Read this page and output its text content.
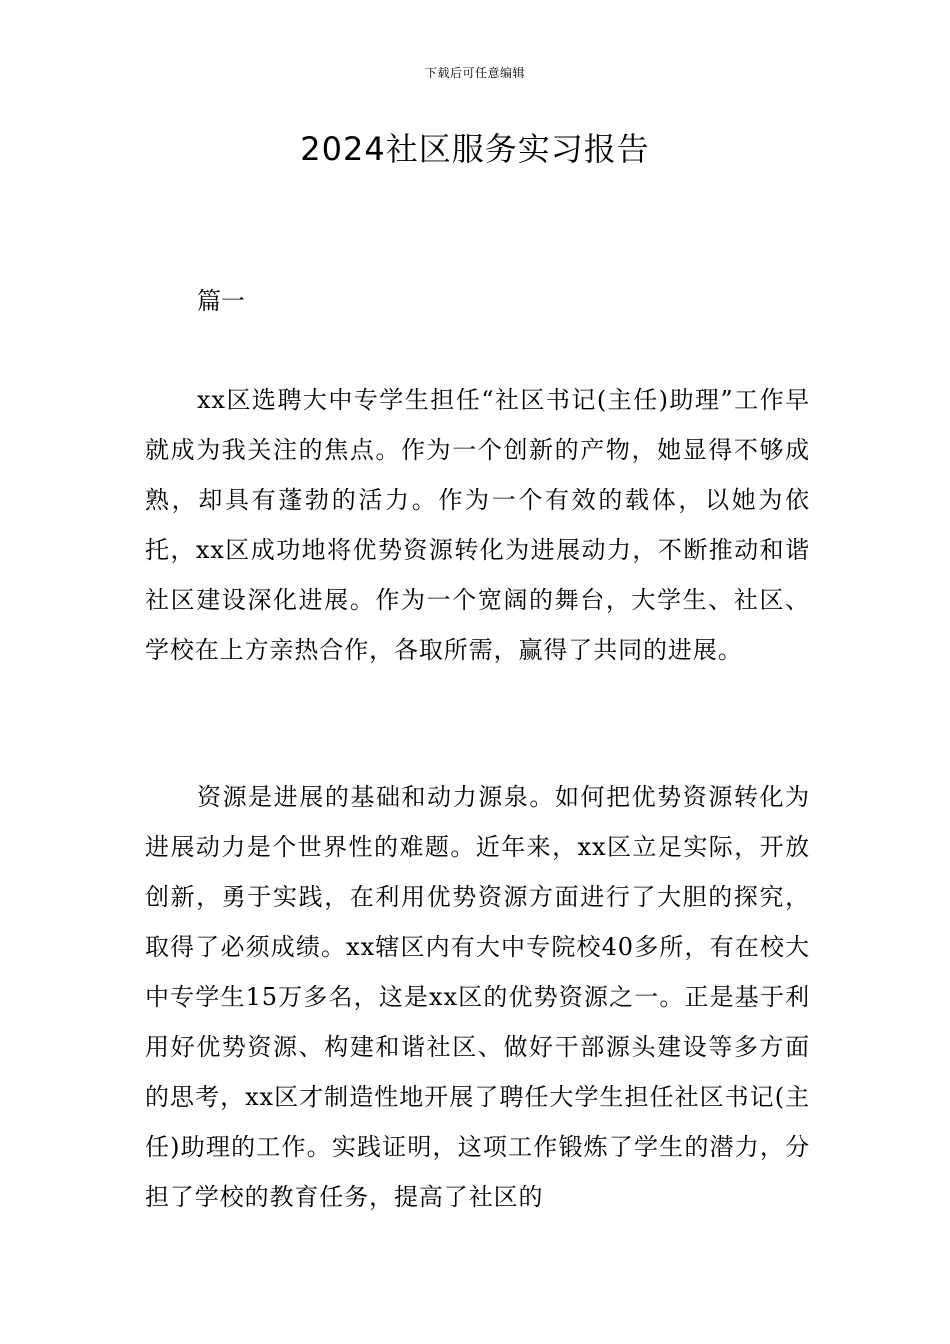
下载后可任意编辑
2024社区服务实习报告

篇一

xx区选聘大中专学生担任“社区书记(主任)助理”工作早就成为我关注的焦点。作为一个创新的产物，她显得不够成熟，却具有蓬勃的活力。作为一个有效的载体，以她为依托，xx区成功地将优势资源转化为进展动力，不断推动和谐社区建设深化进展。作为一个宽阔的舞台，大学生、社区、学校在上方亲热合作，各取所需，赢得了共同的进展。

资源是进展的基础和动力源泉。如何把优势资源转化为进展动力是个世界性的难题。近年来，xx区立足实际，开放创新，勇于实践，在利用优势资源方面进行了大胆的探究，取得了必须成绩。xx辖区内有大中专院校40多所，有在校大中专学生15万多名，这是xx区的优势资源之一。正是基于利用好优势资源、构建和谐社区、做好干部源头建设等多方面的思考，xx区才制造性地开展了聘任大学生担任社区书记(主任)助理的工作。实践证明，这项工作锻炼了学生的潜力，分担了学校的教育任务，提高了社区的
